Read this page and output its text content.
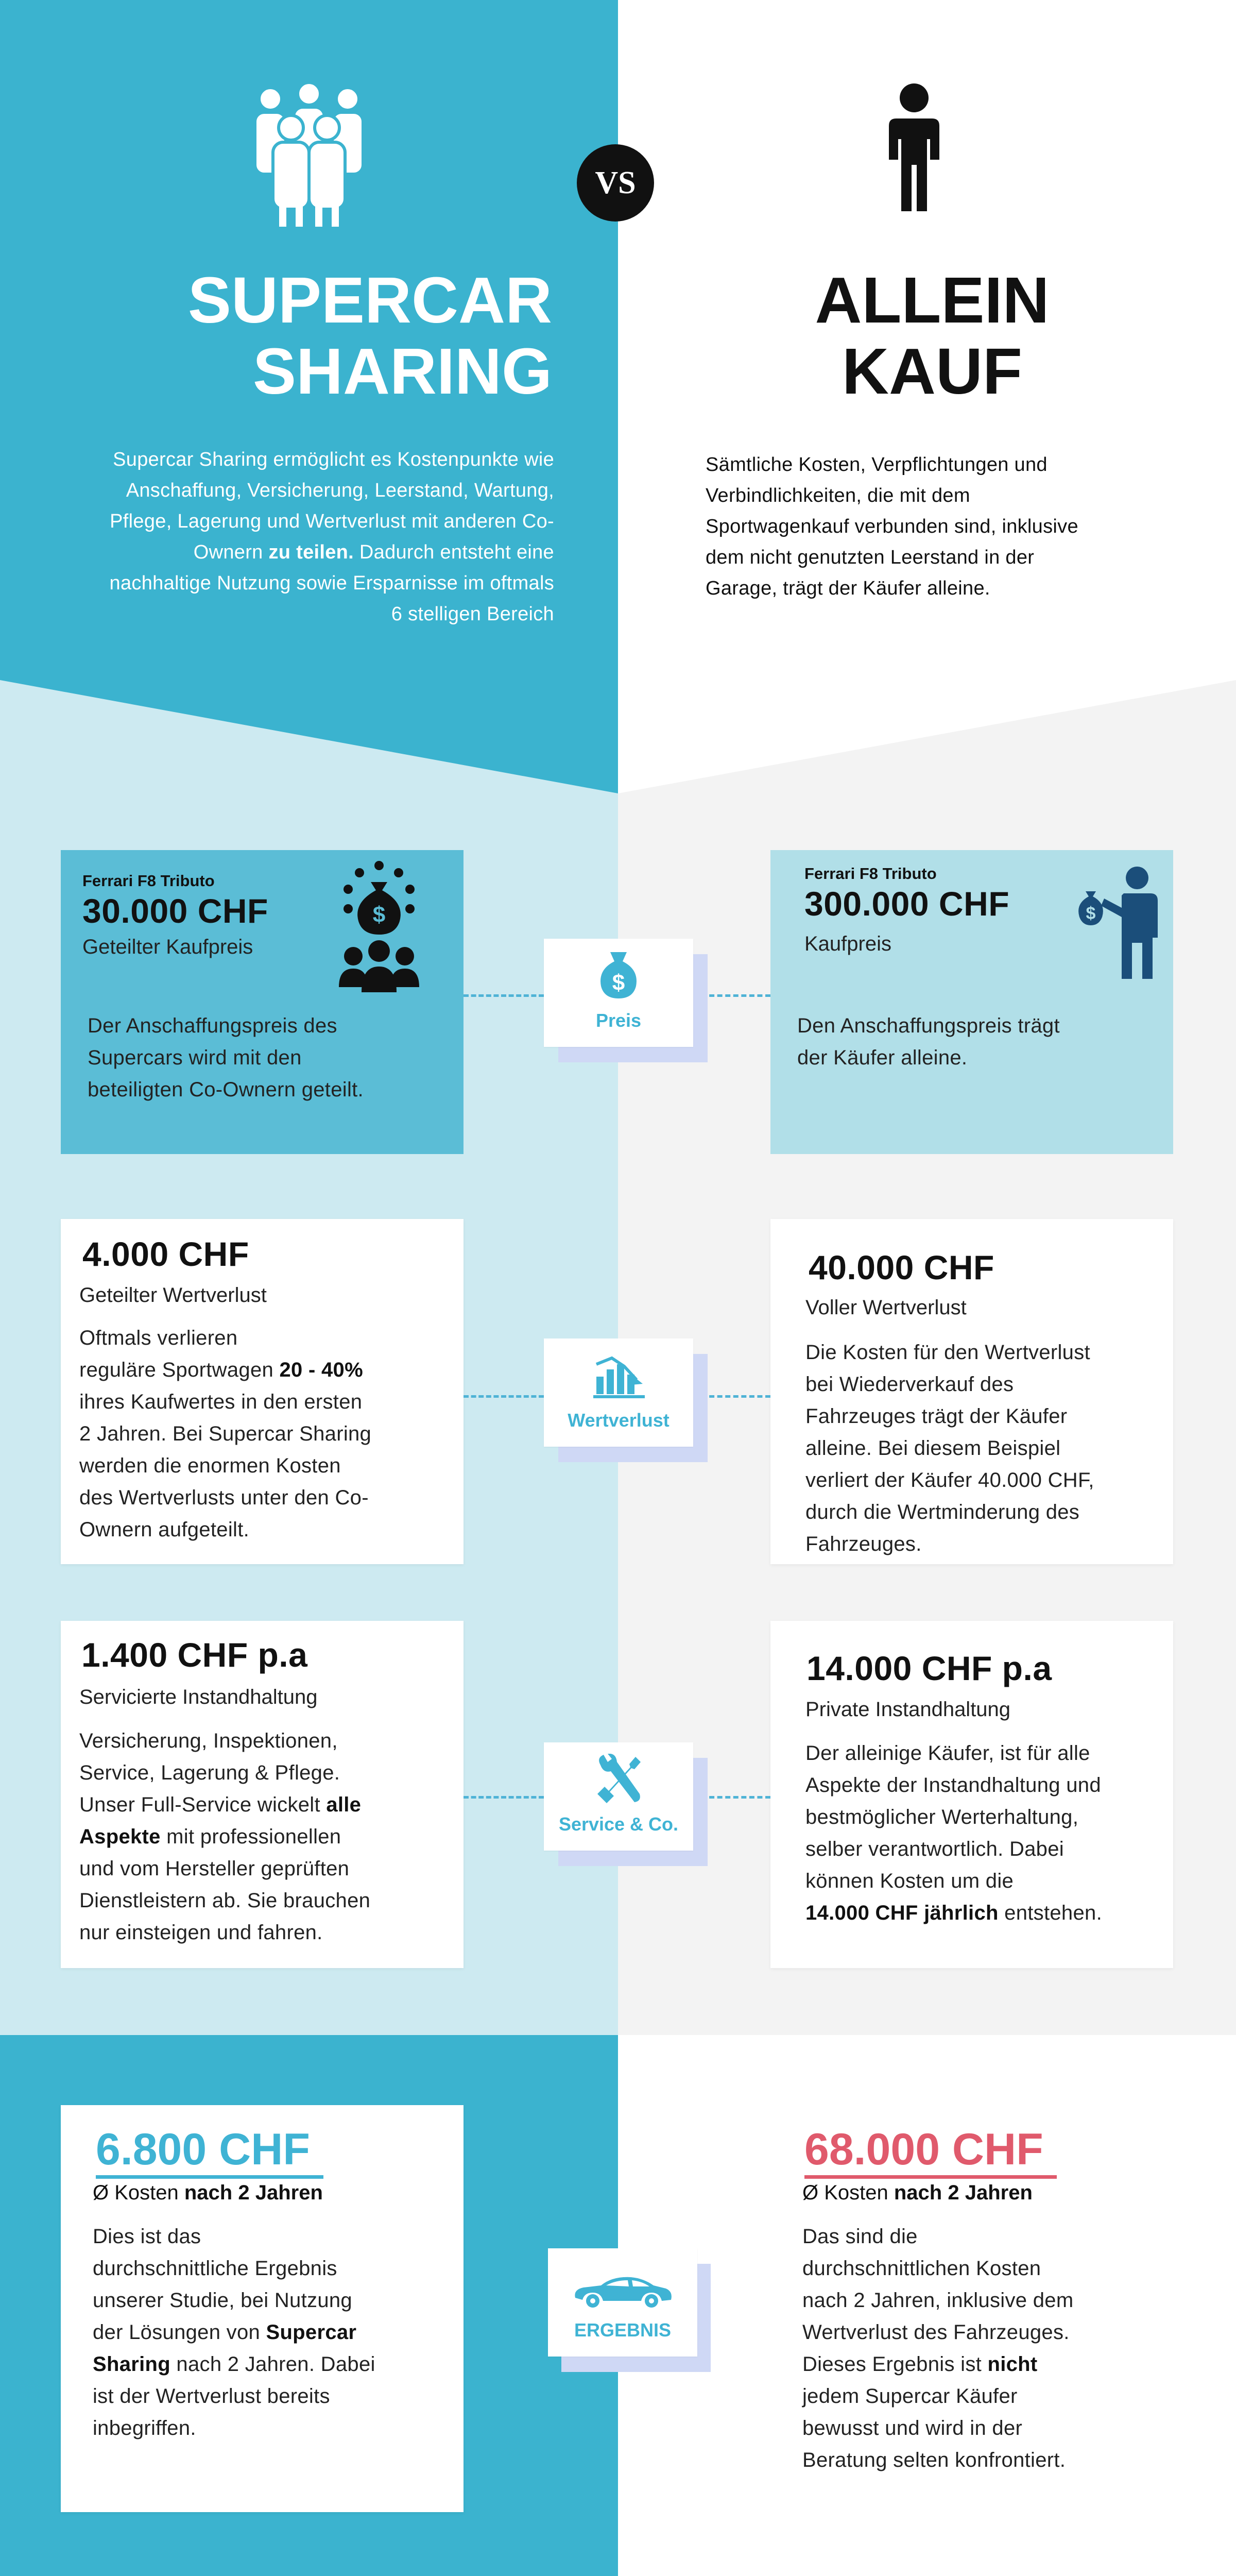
VS
SUPERCAR
SHARING
ALLEIN
KAUF
Supercar Sharing ermöglicht es Kostenpunkte wie
Anschaffung, Versicherung, Leerstand, Wartung,
Pflege, Lagerung und Wertverlust mit anderen Co-
Ownern zu teilen. Dadurch entsteht eine
nachhaltige Nutzung sowie Ersparnisse im oftmals
6 stelligen Bereich
Sämtliche Kosten, Verpflichtungen und
Verbindlichkeiten, die mit dem
Sportwagenkauf verbunden sind, inklusive
dem nicht genutzten Leerstand in der
Garage, trägt der Käufer alleine.
Ferrari F8 Tributo
30.000 CHF
Geteilter Kaufpreis
$
Der Anschaffungspreis des
Supercars wird mit den
beteiligten Co-Ownern geteilt.
Ferrari F8 Tributo
300.000 CHF
Kaufpreis
$
Den Anschaffungspreis trägt
der Käufer alleine.
$
Preis
4.000 CHF
Geteilter Wertverlust
Oftmals verlieren
reguläre Sportwagen 20 - 40%
ihres Kaufwertes in den ersten
2 Jahren. Bei Supercar Sharing
werden die enormen Kosten
des Wertverlusts unter den Co-
Ownern aufgeteilt.
40.000 CHF
Voller Wertverlust
Die Kosten für den Wertverlust
bei Wiederverkauf des
Fahrzeuges trägt der Käufer
alleine. Bei diesem Beispiel
verliert der Käufer 40.000 CHF,
durch die Wertminderung des
Fahrzeuges.
Wertverlust
1.400 CHF p.a
Servicierte Instandhaltung
Versicherung, Inspektionen,
Service, Lagerung & Pflege.
Unser Full-Service wickelt alle
Aspekte mit professionellen
und vom Hersteller geprüften
Dienstleistern ab. Sie brauchen
nur einsteigen und fahren.
14.000 CHF p.a
Private Instandhaltung
Der alleinige Käufer, ist für alle
Aspekte der Instandhaltung und
bestmöglicher Werterhaltung,
selber verantwortlich. Dabei
können Kosten um die
14.000 CHF jährlich entstehen.
Service & Co.
6.800 CHF
Ø Kosten nach 2 Jahren
Dies ist das
durchschnittliche Ergebnis
unserer Studie, bei Nutzung
der Lösungen von Supercar
Sharing nach 2 Jahren. Dabei
ist der Wertverlust bereits
inbegriffen.
68.000 CHF
Ø Kosten nach 2 Jahren
Das sind die
durchschnittlichen Kosten
nach 2 Jahren, inklusive dem
Wertverlust des Fahrzeuges.
Dieses Ergebnis ist nicht
jedem Supercar Käufer
bewusst und wird in der
Beratung selten konfrontiert.
ERGEBNIS
